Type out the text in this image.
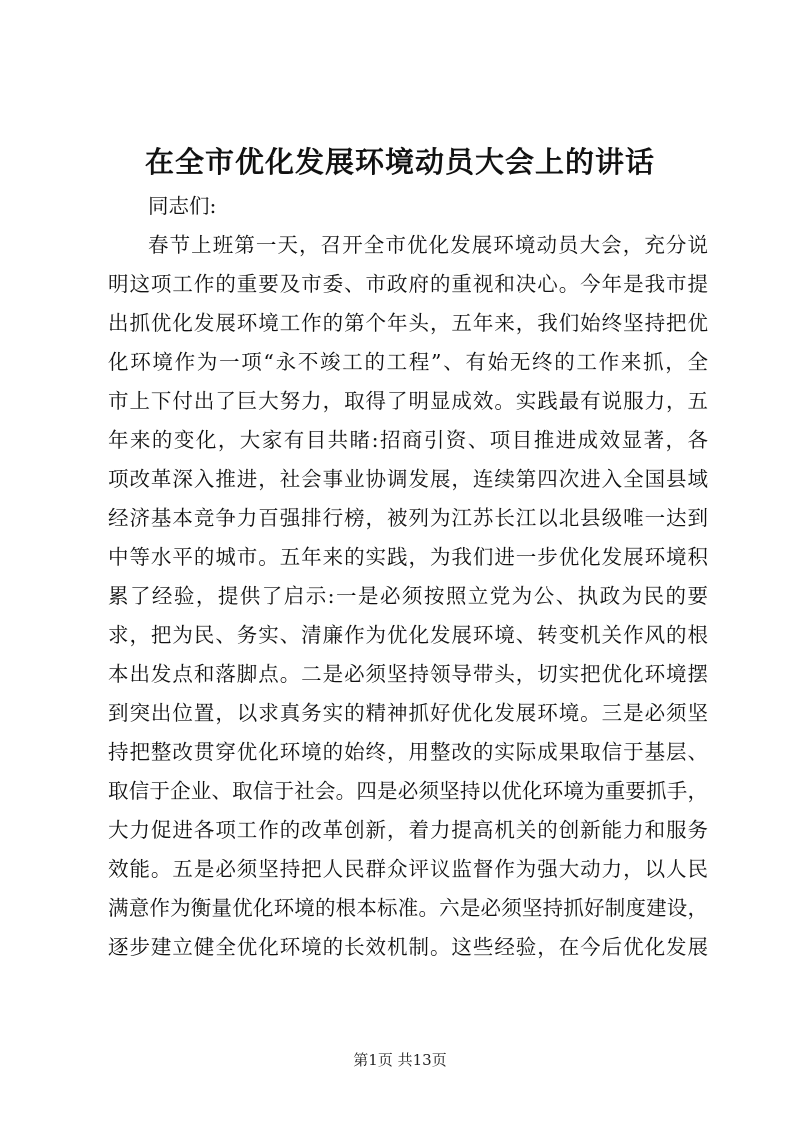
在全市优化发展环境动员大会上的讲话
同志们:
春节上班第一天，召开全市优化发展环境动员大会，充分说
明这项工作的重要及市委、市政府的重视和决心。今年是我市提
出抓优化发展环境工作的第个年头，五年来，我们始终坚持把优
化环境作为一项“永不竣工的工程”、有始无终的工作来抓，全
市上下付出了巨大努力，取得了明显成效。实践最有说服力，五
年来的变化，大家有目共睹:招商引资、项目推进成效显著，各
项改革深入推进，社会事业协调发展，连续第四次进入全国县域
经济基本竞争力百强排行榜，被列为江苏长江以北县级唯一达到
中等水平的城市。五年来的实践，为我们进一步优化发展环境积
累了经验，提供了启示:一是必须按照立党为公、执政为民的要
求，把为民、务实、清廉作为优化发展环境、转变机关作风的根
本出发点和落脚点。二是必须坚持领导带头，切实把优化环境摆
到突出位置，以求真务实的精神抓好优化发展环境。三是必须坚
持把整改贯穿优化环境的始终，用整改的实际成果取信于基层、
取信于企业、取信于社会。四是必须坚持以优化环境为重要抓手，
大力促进各项工作的改革创新，着力提高机关的创新能力和服务
效能。五是必须坚持把人民群众评议监督作为强大动力，以人民
满意作为衡量优化环境的根本标准。六是必须坚持抓好制度建设，
逐步建立健全优化环境的长效机制。这些经验，在今后优化发展
第1页 共13页
